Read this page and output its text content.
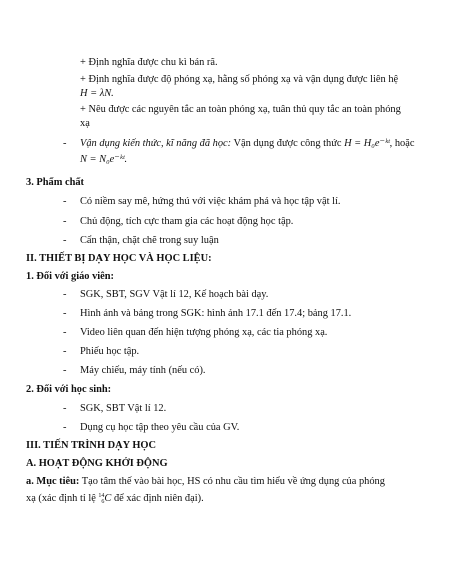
+ Định nghĩa được chu kì bán rã.
+ Định nghĩa được độ phóng xạ, hằng số phóng xạ và vận dụng được liên hệ
H = λN.
+ Nêu được các nguyên tắc an toàn phóng xạ, tuân thủ quy tắc an toàn phóng
xạ
- Vận dụng kiến thức, kĩ năng đã học: Vận dụng được công thức H = H₀e⁻ᵏᵗ, hoặc
N = N₀e⁻ᵏᵗ.
3. Phẩm chất
- Có niềm say mê, hứng thú với việc khám phá và học tập vật lí.
- Chủ động, tích cực tham gia các hoạt động học tập.
- Cẩn thận, chặt chẽ trong suy luận
II. THIẾT BỊ DẠY HỌC VÀ HỌC LIỆU:
1. Đối với giáo viên:
- SGK, SBT, SGV Vật lí 12, Kế hoạch bài dạy.
- Hình ảnh và bảng trong SGK: hình ảnh 17.1 đến 17.4; bảng 17.1.
- Video liên quan đến hiện tượng phóng xạ, các tia phóng xạ.
- Phiếu học tập.
- Máy chiếu, máy tính (nếu có).
2. Đối với học sinh:
- SGK, SBT Vật lí 12.
- Dụng cụ học tập theo yêu cầu của GV.
III. TIẾN TRÌNH DẠY HỌC
A. HOẠT ĐỘNG KHỞI ĐỘNG
a. Mục tiêu: Tạo tâm thế vào bài học, HS có nhu cầu tìm hiểu về ứng dụng của phóng
xạ (xác định tỉ lệ 14
6 C để xác định niên đại).
